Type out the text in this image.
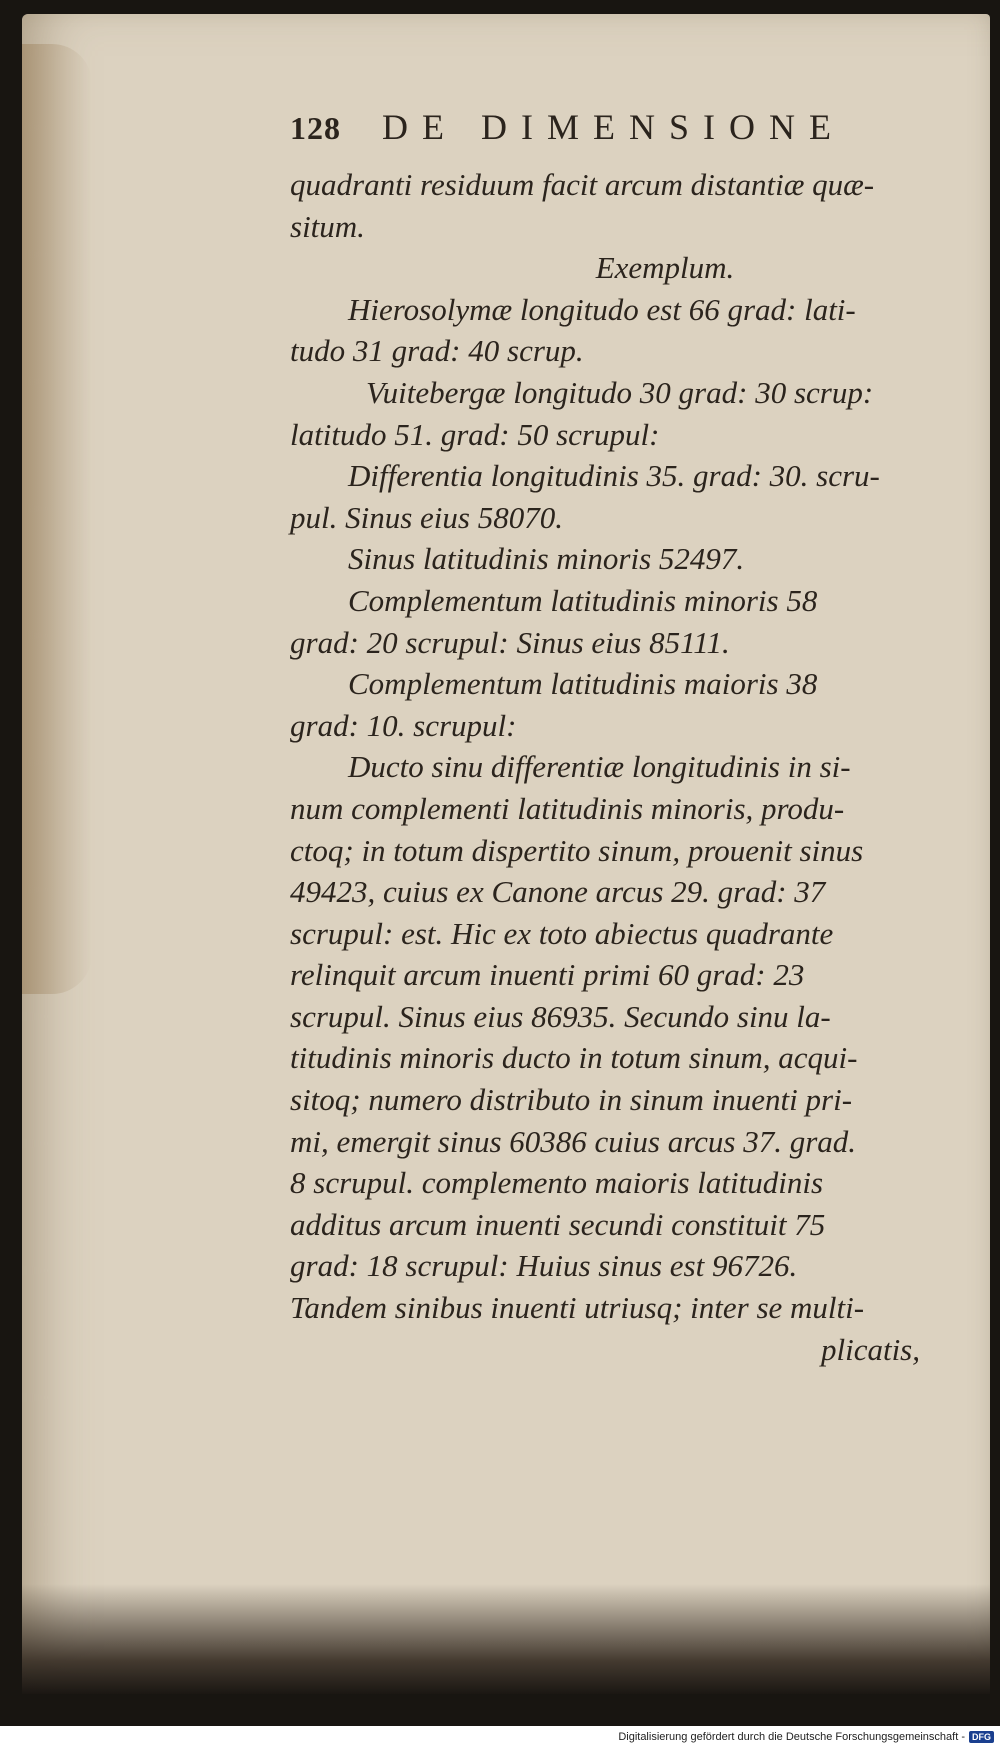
128	DE DIMENSIONE
quadranti residuum facit arcum distantiæ quæ-
situm.
Exemplum.
Hierosolymæ longitudo est 66 grad: lati-
tudo 31 grad: 40 scrup.
Vuitebergæ longitudo 30 grad: 30 scrup:
latitudo 51. grad: 50 scrupul:
Differentia longitudinis 35. grad: 30. scru-
pul. Sinus eius 58070.
Sinus latitudinis minoris 52497.
Complementum latitudinis minoris 58
grad: 20 scrupul: Sinus eius 85111.
Complementum latitudinis maioris 38
grad: 10. scrupul:
Ducto sinu differentiæ longitudinis in si-
num complementi latitudinis minoris, produ-
ctoq; in totum dispertito sinum, prouenit sinus
49423, cuius ex Canone arcus 29. grad: 37
scrupul: est. Hic ex toto abiectus quadrante
relinquit arcum inuenti primi 60 grad: 23
scrupul. Sinus eius 86935. Secundo sinu la-
titudinis minoris ducto in totum sinum, acqui-
sitoq; numero distributo in sinum inuenti pri-
mi, emergit sinus 60386 cuius arcus 37. grad.
8 scrupul. complemento maioris latitudinis
additus arcum inuenti secundi constituit 75
grad: 18 scrupul: Huius sinus est 96726.
Tandem sinibus inuenti utriusq; inter se multi-
plicatis,
Digitalisierung gefördert durch die Deutsche Forschungsgemeinschaft - DFG
